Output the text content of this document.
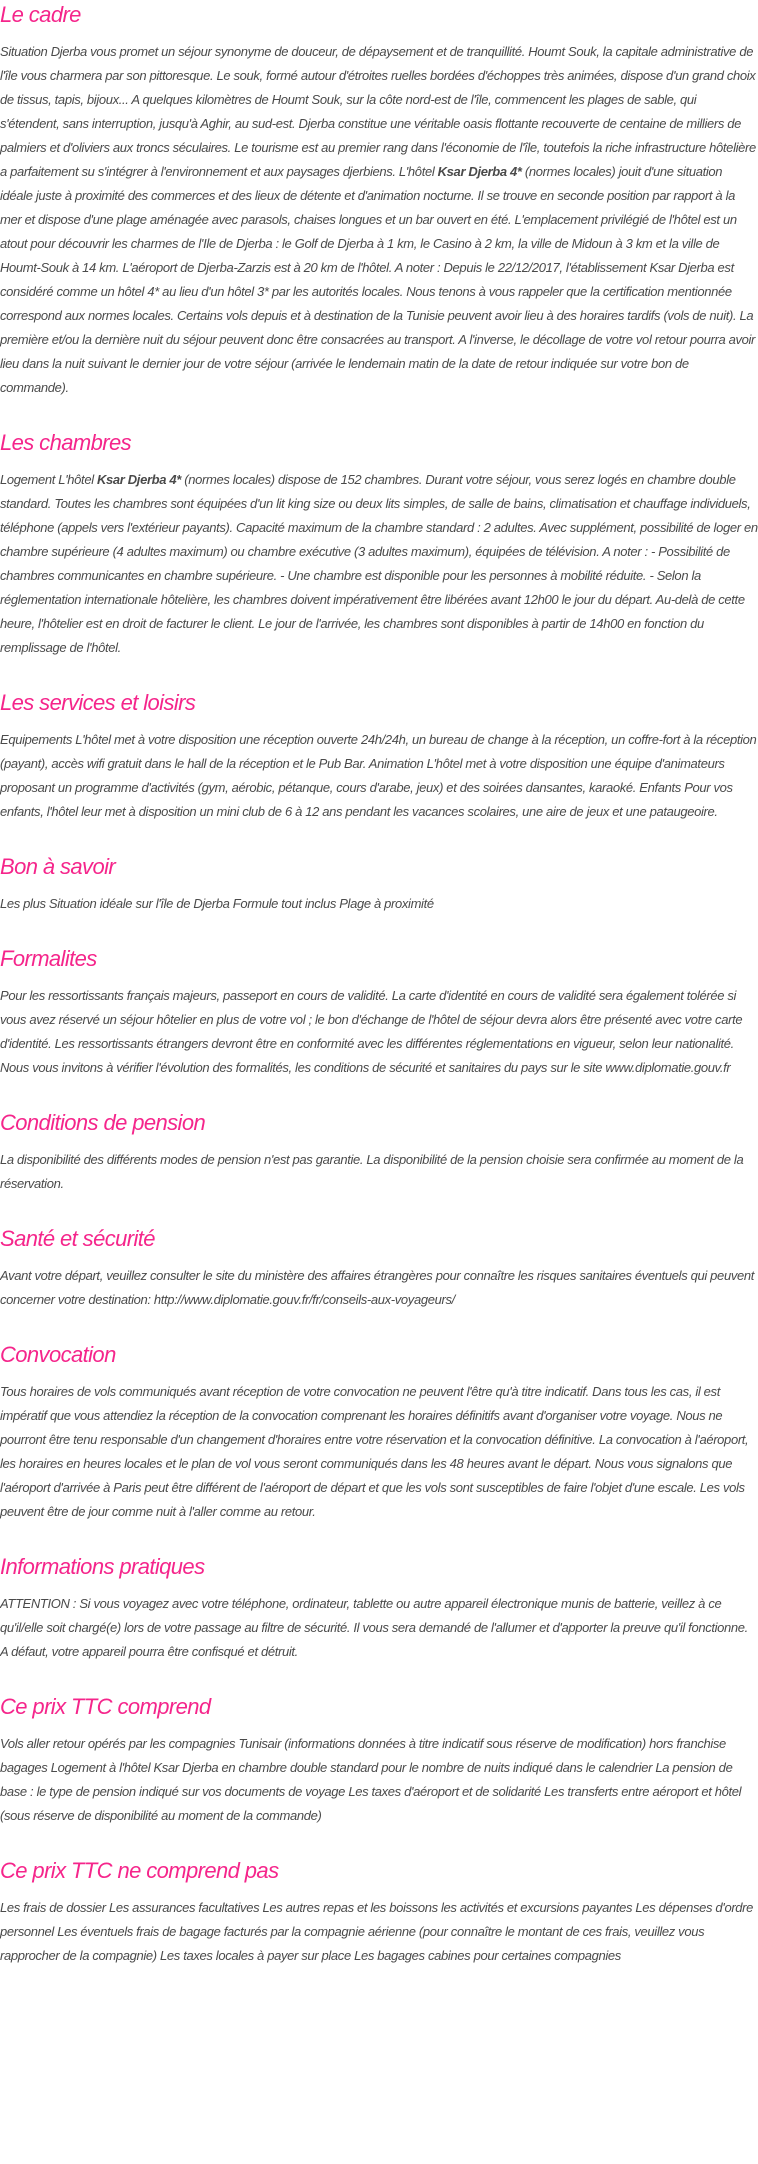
Le cadre

Situation Djerba vous promet un séjour synonyme de douceur, de dépaysement et de tranquillité. Houmt Souk, la capitale administrative de l'île vous charmera par son pittoresque. Le souk, formé autour d'étroites ruelles bordées d'échoppes très animées, dispose d'un grand choix de tissus, tapis, bijoux... A quelques kilomètres de Houmt Souk, sur la côte nord-est de l'île, commencent les plages de sable, qui s'étendent, sans interruption, jusqu'à Aghir, au sud-est. Djerba constitue une véritable oasis flottante recouverte de centaine de milliers de palmiers et d'oliviers aux troncs séculaires. Le tourisme est au premier rang dans l'économie de l'île, toutefois la riche infrastructure hôtelière a parfaitement su s'intégrer à l'environnement et aux paysages djerbiens. L'hôtel Ksar Djerba 4* (normes locales) jouit d'une situation idéale juste à proximité des commerces et des lieux de détente et d'animation nocturne. Il se trouve en seconde position par rapport à la mer et dispose d'une plage aménagée avec parasols, chaises longues et un bar ouvert en été. L'emplacement privilégié de l'hôtel est un atout pour découvrir les charmes de l'Ile de Djerba : le Golf de Djerba à 1 km, le Casino à 2 km, la ville de Midoun à 3 km et la ville de Houmt-Souk à 14 km. L'aéroport de Djerba-Zarzis est à 20 km de l'hôtel. A noter : Depuis le 22/12/2017, l'établissement Ksar Djerba est considéré comme un hôtel 4* au lieu d'un hôtel 3* par les autorités locales. Nous tenons à vous rappeler que la certification mentionnée correspond aux normes locales. Certains vols depuis et à destination de la Tunisie peuvent avoir lieu à des horaires tardifs (vols de nuit). La première et/ou la dernière nuit du séjour peuvent donc être consacrées au transport. A l'inverse, le décollage de votre vol retour pourra avoir lieu dans la nuit suivant le dernier jour de votre séjour (arrivée le lendemain matin de la date de retour indiquée sur votre bon de commande).

Les chambres

Logement L'hôtel Ksar Djerba 4* (normes locales) dispose de 152 chambres. Durant votre séjour, vous serez logés en chambre double standard. Toutes les chambres sont équipées d'un lit king size ou deux lits simples, de salle de bains, climatisation et chauffage individuels, téléphone (appels vers l'extérieur payants). Capacité maximum de la chambre standard : 2 adultes. Avec supplément, possibilité de loger en chambre supérieure (4 adultes maximum) ou chambre exécutive (3 adultes maximum), équipées de télévision. A noter : - Possibilité de chambres communicantes en chambre supérieure. - Une chambre est disponible pour les personnes à mobilité réduite. - Selon la réglementation internationale hôtelière, les chambres doivent impérativement être libérées avant 12h00 le jour du départ. Au-delà de cette heure, l'hôtelier est en droit de facturer le client. Le jour de l'arrivée, les chambres sont disponibles à partir de 14h00 en fonction du remplissage de l'hôtel.

Les services et loisirs

Equipements L'hôtel met à votre disposition une réception ouverte 24h/24h, un bureau de change à la réception, un coffre-fort à la réception (payant), accès wifi gratuit dans le hall de la réception et le Pub Bar. Animation L'hôtel met à votre disposition une équipe d'animateurs proposant un programme d'activités (gym, aérobic, pétanque, cours d'arabe, jeux) et des soirées dansantes, karaoké. Enfants Pour vos enfants, l'hôtel leur met à disposition un mini club de 6 à 12 ans pendant les vacances scolaires, une aire de jeux et une pataugeoire.

Bon à savoir

Les plus Situation idéale sur l'île de Djerba Formule tout inclus Plage à proximité

Formalites

Pour les ressortissants français majeurs, passeport en cours de validité. La carte d'identité en cours de validité sera également tolérée si vous avez réservé un séjour hôtelier en plus de votre vol ; le bon d'échange de l'hôtel de séjour devra alors être présenté avec votre carte d'identité. Les ressortissants étrangers devront être en conformité avec les différentes réglementations en vigueur, selon leur nationalité. Nous vous invitons à vérifier l'évolution des formalités, les conditions de sécurité et sanitaires du pays sur le site www.diplomatie.gouv.fr

Conditions de pension

La disponibilité des différents modes de pension n'est pas garantie. La disponibilité de la pension choisie sera confirmée au moment de la réservation.

Santé et sécurité

Avant votre départ, veuillez consulter le site du ministère des affaires étrangères pour connaître les risques sanitaires éventuels qui peuvent concerner votre destination: http://www.diplomatie.gouv.fr/fr/conseils-aux-voyageurs/

Convocation

Tous horaires de vols communiqués avant réception de votre convocation ne peuvent l'être qu'à titre indicatif. Dans tous les cas, il est impératif que vous attendiez la réception de la convocation comprenant les horaires définitifs avant d'organiser votre voyage. Nous ne pourront être tenu responsable d'un changement d'horaires entre votre réservation et la convocation définitive. La convocation à l'aéroport, les horaires en heures locales et le plan de vol vous seront communiqués dans les 48 heures avant le départ. Nous vous signalons que l'aéroport d'arrivée à Paris peut être différent de l'aéroport de départ et que les vols sont susceptibles de faire l'objet d'une escale. Les vols peuvent être de jour comme nuit à l'aller comme au retour.

Informations pratiques

ATTENTION : Si vous voyagez avec votre téléphone, ordinateur, tablette ou autre appareil électronique munis de batterie, veillez à ce qu'il/elle soit chargé(e) lors de votre passage au filtre de sécurité. Il vous sera demandé de l'allumer et d'apporter la preuve qu'il fonctionne. A défaut, votre appareil pourra être confisqué et détruit.

Ce prix TTC comprend

Vols aller retour opérés par les compagnies Tunisair (informations données à titre indicatif sous réserve de modification) hors franchise bagages Logement à l'hôtel Ksar Djerba en chambre double standard pour le nombre de nuits indiqué dans le calendrier La pension de base : le type de pension indiqué sur vos documents de voyage Les taxes d'aéroport et de solidarité Les transferts entre aéroport et hôtel (sous réserve de disponibilité au moment de la commande)

Ce prix TTC ne comprend pas

Les frais de dossier Les assurances facultatives Les autres repas et les boissons les activités et excursions payantes Les dépenses d'ordre personnel Les éventuels frais de bagage facturés par la compagnie aérienne (pour connaître le montant de ces frais, veuillez vous rapprocher de la compagnie) Les taxes locales à payer sur place Les bagages cabines pour certaines compagnies
